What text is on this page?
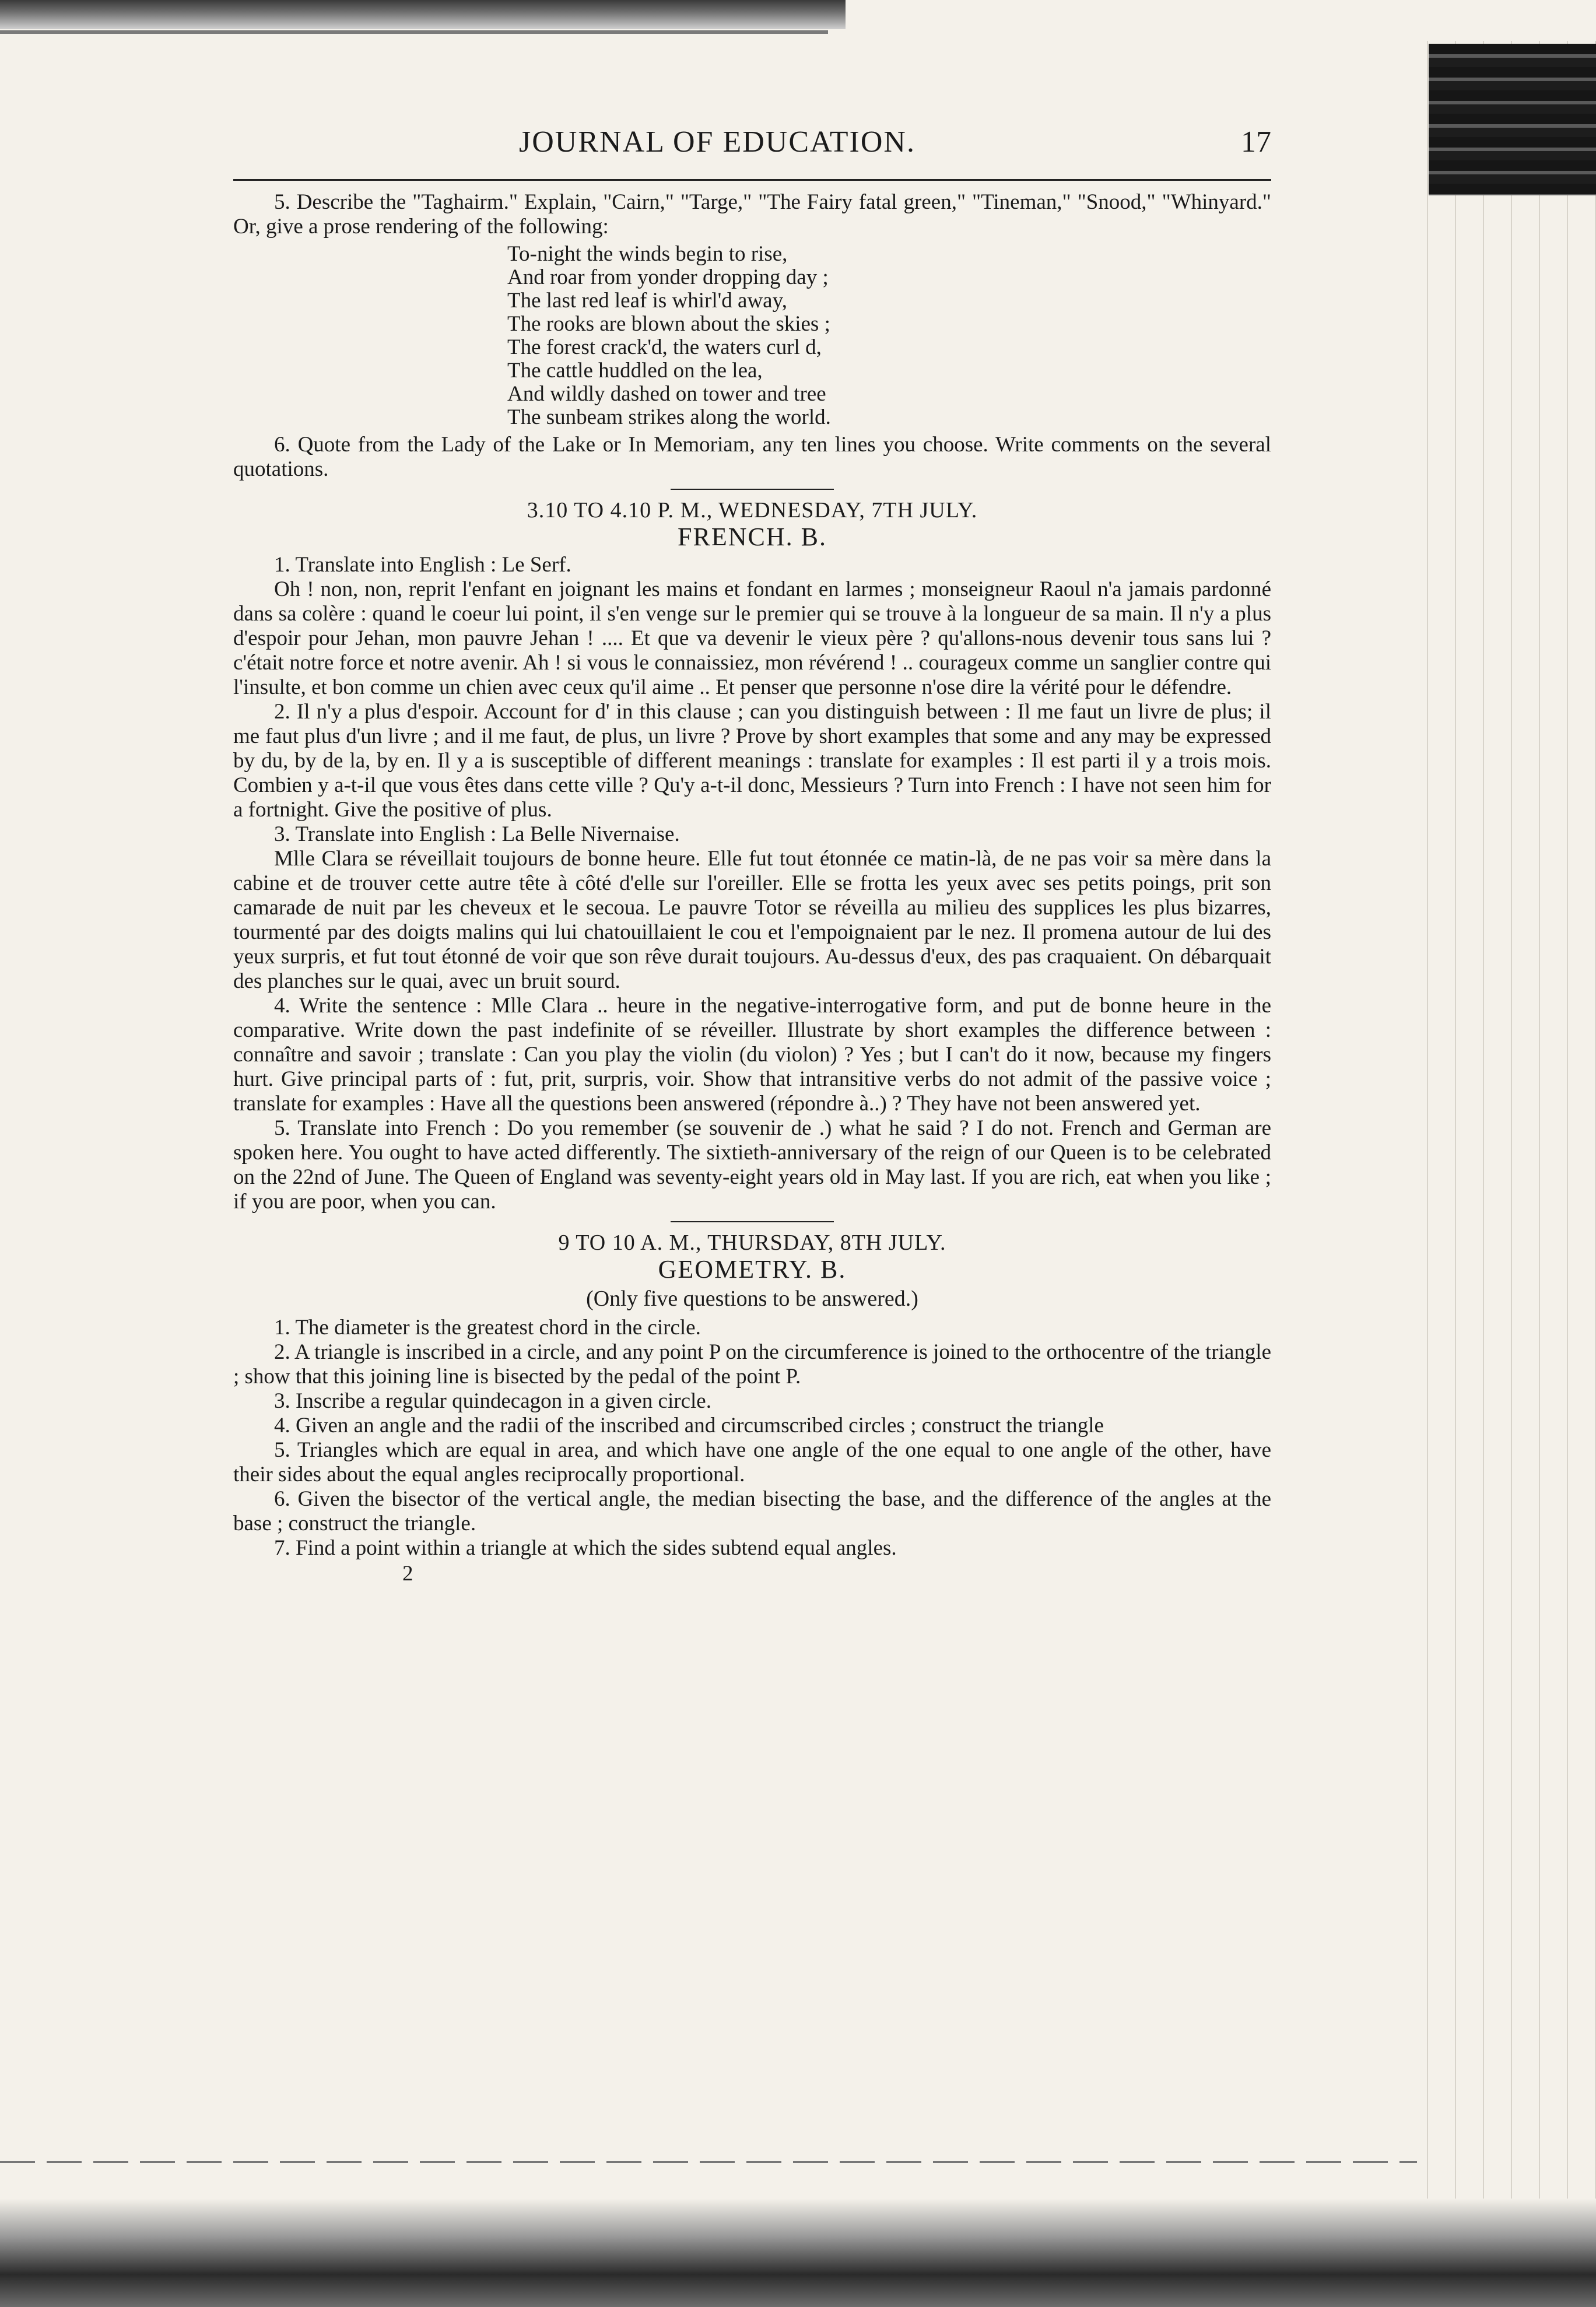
JOURNAL OF EDUCATION.	17

5. Describe the "Taghairm." Explain, "Cairn," "Targe," "The Fairy fatal green," "Tineman," "Snood," "Whinyard." Or, give a prose rendering of the following:

To-night the winds begin to rise,
And roar from yonder dropping day ;
The last red leaf is whirl'd away,
The rooks are blown about the skies ;
The forest crack'd, the waters curl d,
The cattle huddled on the lea,
And wildly dashed on tower and tree
The sunbeam strikes along the world.

6. Quote from the Lady of the Lake or In Memoriam, any ten lines you choose. Write comments on the several quotations.

3.10 TO 4.10 P. M., WEDNESDAY, 7TH JULY.
FRENCH. B.

1. Translate into English : Le Serf.

Oh ! non, non, reprit l'enfant en joignant les mains et fondant en larmes ; monseigneur Raoul n'a jamais pardonné dans sa colère : quand le coeur lui point, il s'en venge sur le premier qui se trouve à la longueur de sa main. Il n'y a plus d'espoir pour Jehan, mon pauvre Jehan ! .... Et que va devenir le vieux père ? qu'allons-nous devenir tous sans lui ? c'était notre force et notre avenir. Ah ! si vous le connaissiez, mon révérend ! .. courageux comme un sanglier contre qui l'insulte, et bon comme un chien avec ceux qu'il aime .. Et penser que personne n'ose dire la vérité pour le défendre.

2. Il n'y a plus d'espoir. Account for d' in this clause ; can you distinguish between : Il me faut un livre de plus; il me faut plus d'un livre ; and il me faut, de plus, un livre ? Prove by short examples that some and any may be expressed by du, by de la, by en. Il y a is susceptible of different meanings : translate for examples : Il est parti il y a trois mois. Combien y a-t-il que vous êtes dans cette ville ? Qu'y a-t-il donc, Messieurs ? Turn into French : I have not seen him for a fortnight. Give the positive of plus.

3. Translate into English : La Belle Nivernaise.

Mlle Clara se réveillait toujours de bonne heure. Elle fut tout étonnée ce matin-là, de ne pas voir sa mère dans la cabine et de trouver cette autre tête à côté d'elle sur l'oreiller. Elle se frotta les yeux avec ses petits poings, prit son camarade de nuit par les cheveux et le secoua. Le pauvre Totor se réveilla au milieu des supplices les plus bizarres, tourmenté par des doigts malins qui lui chatouillaient le cou et l'empoignaient par le nez. Il promena autour de lui des yeux surpris, et fut tout étonné de voir que son rêve durait toujours. Au-dessus d'eux, des pas craquaient. On débarquait des planches sur le quai, avec un bruit sourd.

4. Write the sentence : Mlle Clara .. heure in the negative-interrogative form, and put de bonne heure in the comparative. Write down the past indefinite of se réveiller. Illustrate by short examples the difference between : connaître and savoir ; translate : Can you play the violin (du violon) ? Yes ; but I can't do it now, because my fingers hurt. Give principal parts of : fut, prit, surpris, voir. Show that intransitive verbs do not admit of the passive voice ; translate for examples : Have all the questions been answered (répondre à..) ? They have not been answered yet.

5. Translate into French : Do you remember (se souvenir de .) what he said ? I do not. French and German are spoken here. You ought to have acted differently. The sixtieth-anniversary of the reign of our Queen is to be celebrated on the 22nd of June. The Queen of England was seventy-eight years old in May last. If you are rich, eat when you like ; if you are poor, when you can.

9 TO 10 A. M., THURSDAY, 8TH JULY.
GEOMETRY. B.
(Only five questions to be answered.)

1. The diameter is the greatest chord in the circle.

2. A triangle is inscribed in a circle, and any point P on the circumference is joined to the orthocentre of the triangle ; show that this joining line is bisected by the pedal of the point P.

3. Inscribe a regular quindecagon in a given circle.

4. Given an angle and the radii of the inscribed and circumscribed circles ; construct the triangle

5. Triangles which are equal in area, and which have one angle of the one equal to one angle of the other, have their sides about the equal angles reciprocally proportional.

6. Given the bisector of the vertical angle, the median bisecting the base, and the difference of the angles at the base ; construct the triangle.

7. Find a point within a triangle at which the sides subtend equal angles.

2
